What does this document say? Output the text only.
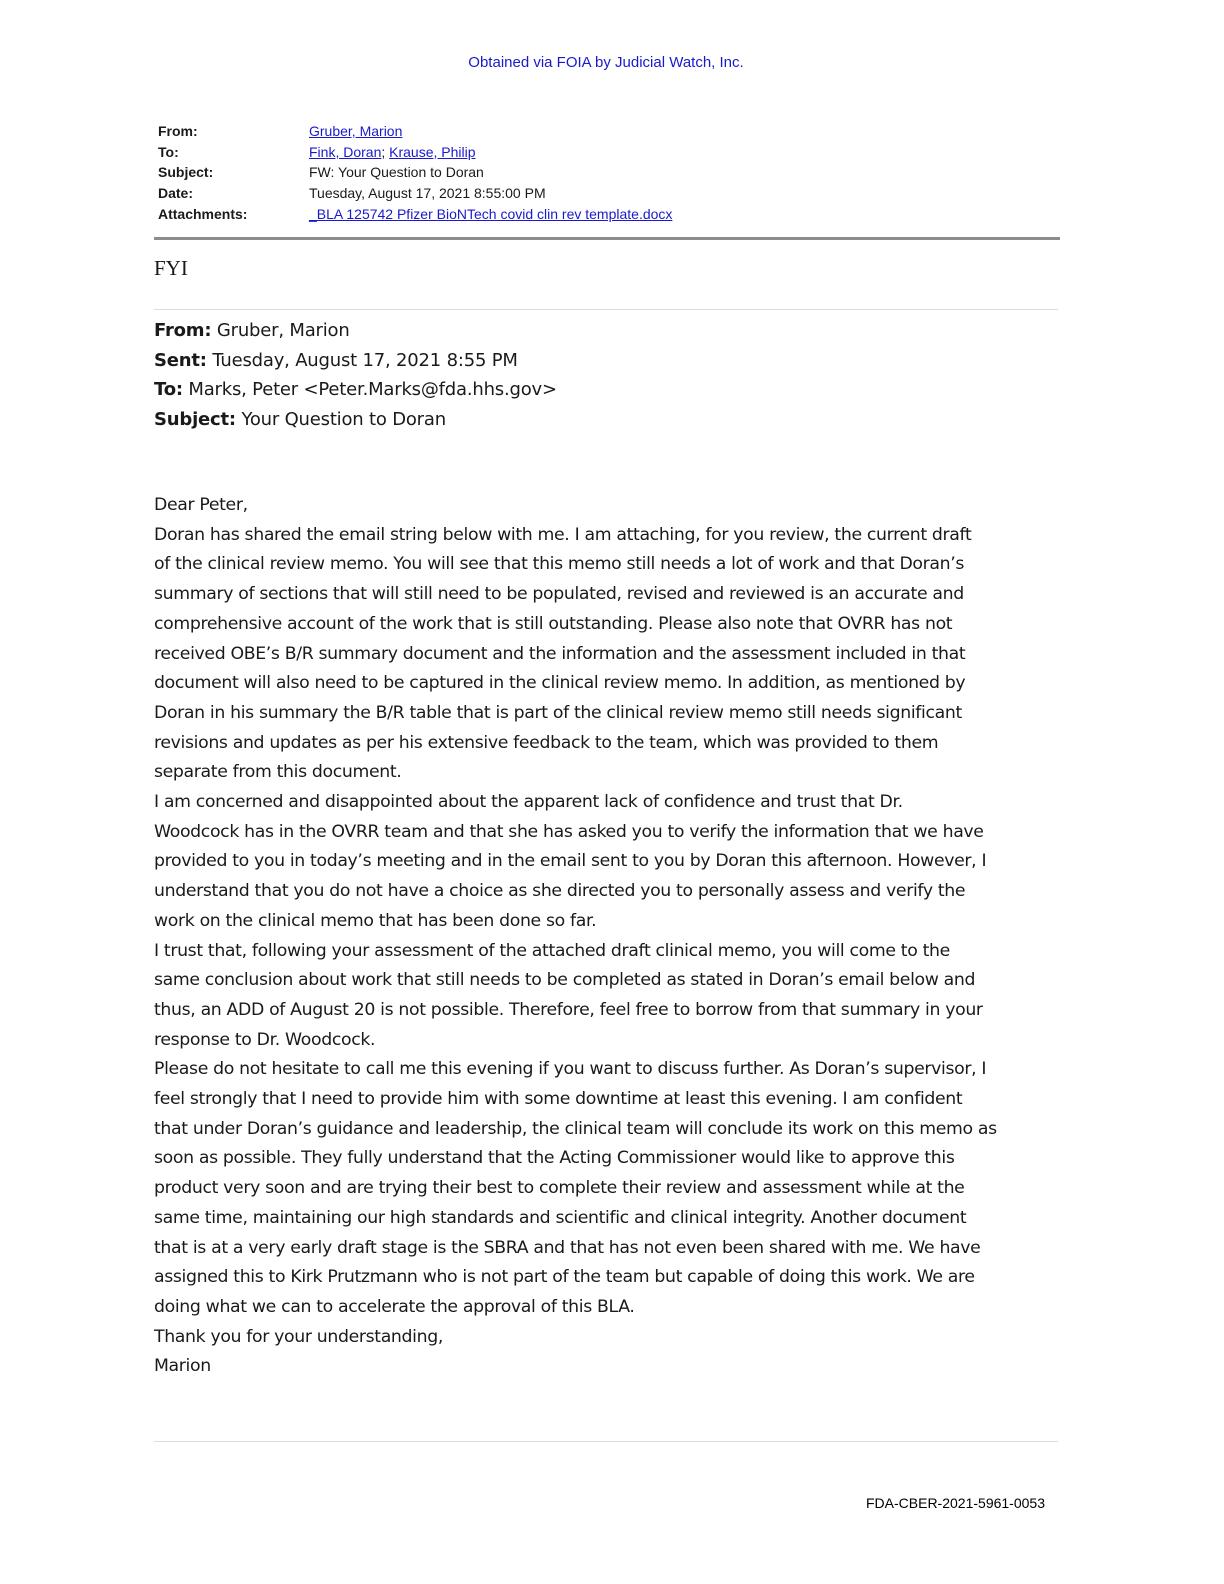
Obtained via FOIA by Judicial Watch, Inc.
From:	Gruber, Marion
To:	Fink, Doran; Krause, Philip
Subject:	FW: Your Question to Doran
Date:	Tuesday, August 17, 2021 8:55:00 PM
Attachments:	_BLA 125742 Pfizer BioNTech covid clin rev template.docx
FYI
From: Gruber, Marion
Sent: Tuesday, August 17, 2021 8:55 PM
To: Marks, Peter <Peter.Marks@fda.hhs.gov>
Subject: Your Question to Doran
Dear Peter,
Doran has shared the email string below with me. I am attaching, for you review, the current draft
of the clinical review memo. You will see that this memo still needs a lot of work and that Doran’s
summary of sections that will still need to be populated, revised and reviewed is an accurate and
comprehensive account of the work that is still outstanding. Please also note that OVRR has not
received OBE’s B/R summary document and the information and the assessment included in that
document will also need to be captured in the clinical review memo. In addition, as mentioned by
Doran in his summary the B/R table that is part of the clinical review memo still needs significant
revisions and updates as per his extensive feedback to the team, which was provided to them
separate from this document.
I am concerned and disappointed about the apparent lack of confidence and trust that Dr.
Woodcock has in the OVRR team and that she has asked you to verify the information that we have
provided to you in today’s meeting and in the email sent to you by Doran this afternoon. However, I
understand that you do not have a choice as she directed you to personally assess and verify the
work on the clinical memo that has been done so far.
I trust that, following your assessment of the attached draft clinical memo, you will come to the
same conclusion about work that still needs to be completed as stated in Doran’s email below and
thus, an ADD of August 20 is not possible. Therefore, feel free to borrow from that summary in your
response to Dr. Woodcock.
Please do not hesitate to call me this evening if you want to discuss further. As Doran’s supervisor, I
feel strongly that I need to provide him with some downtime at least this evening. I am confident
that under Doran’s guidance and leadership, the clinical team will conclude its work on this memo as
soon as possible. They fully understand that the Acting Commissioner would like to approve this
product very soon and are trying their best to complete their review and assessment while at the
same time, maintaining our high standards and scientific and clinical integrity. Another document
that is at a very early draft stage is the SBRA and that has not even been shared with me. We have
assigned this to Kirk Prutzmann who is not part of the team but capable of doing this work. We are
doing what we can to accelerate the approval of this BLA.
Thank you for your understanding,
Marion
FDA-CBER-2021-5961-0053
